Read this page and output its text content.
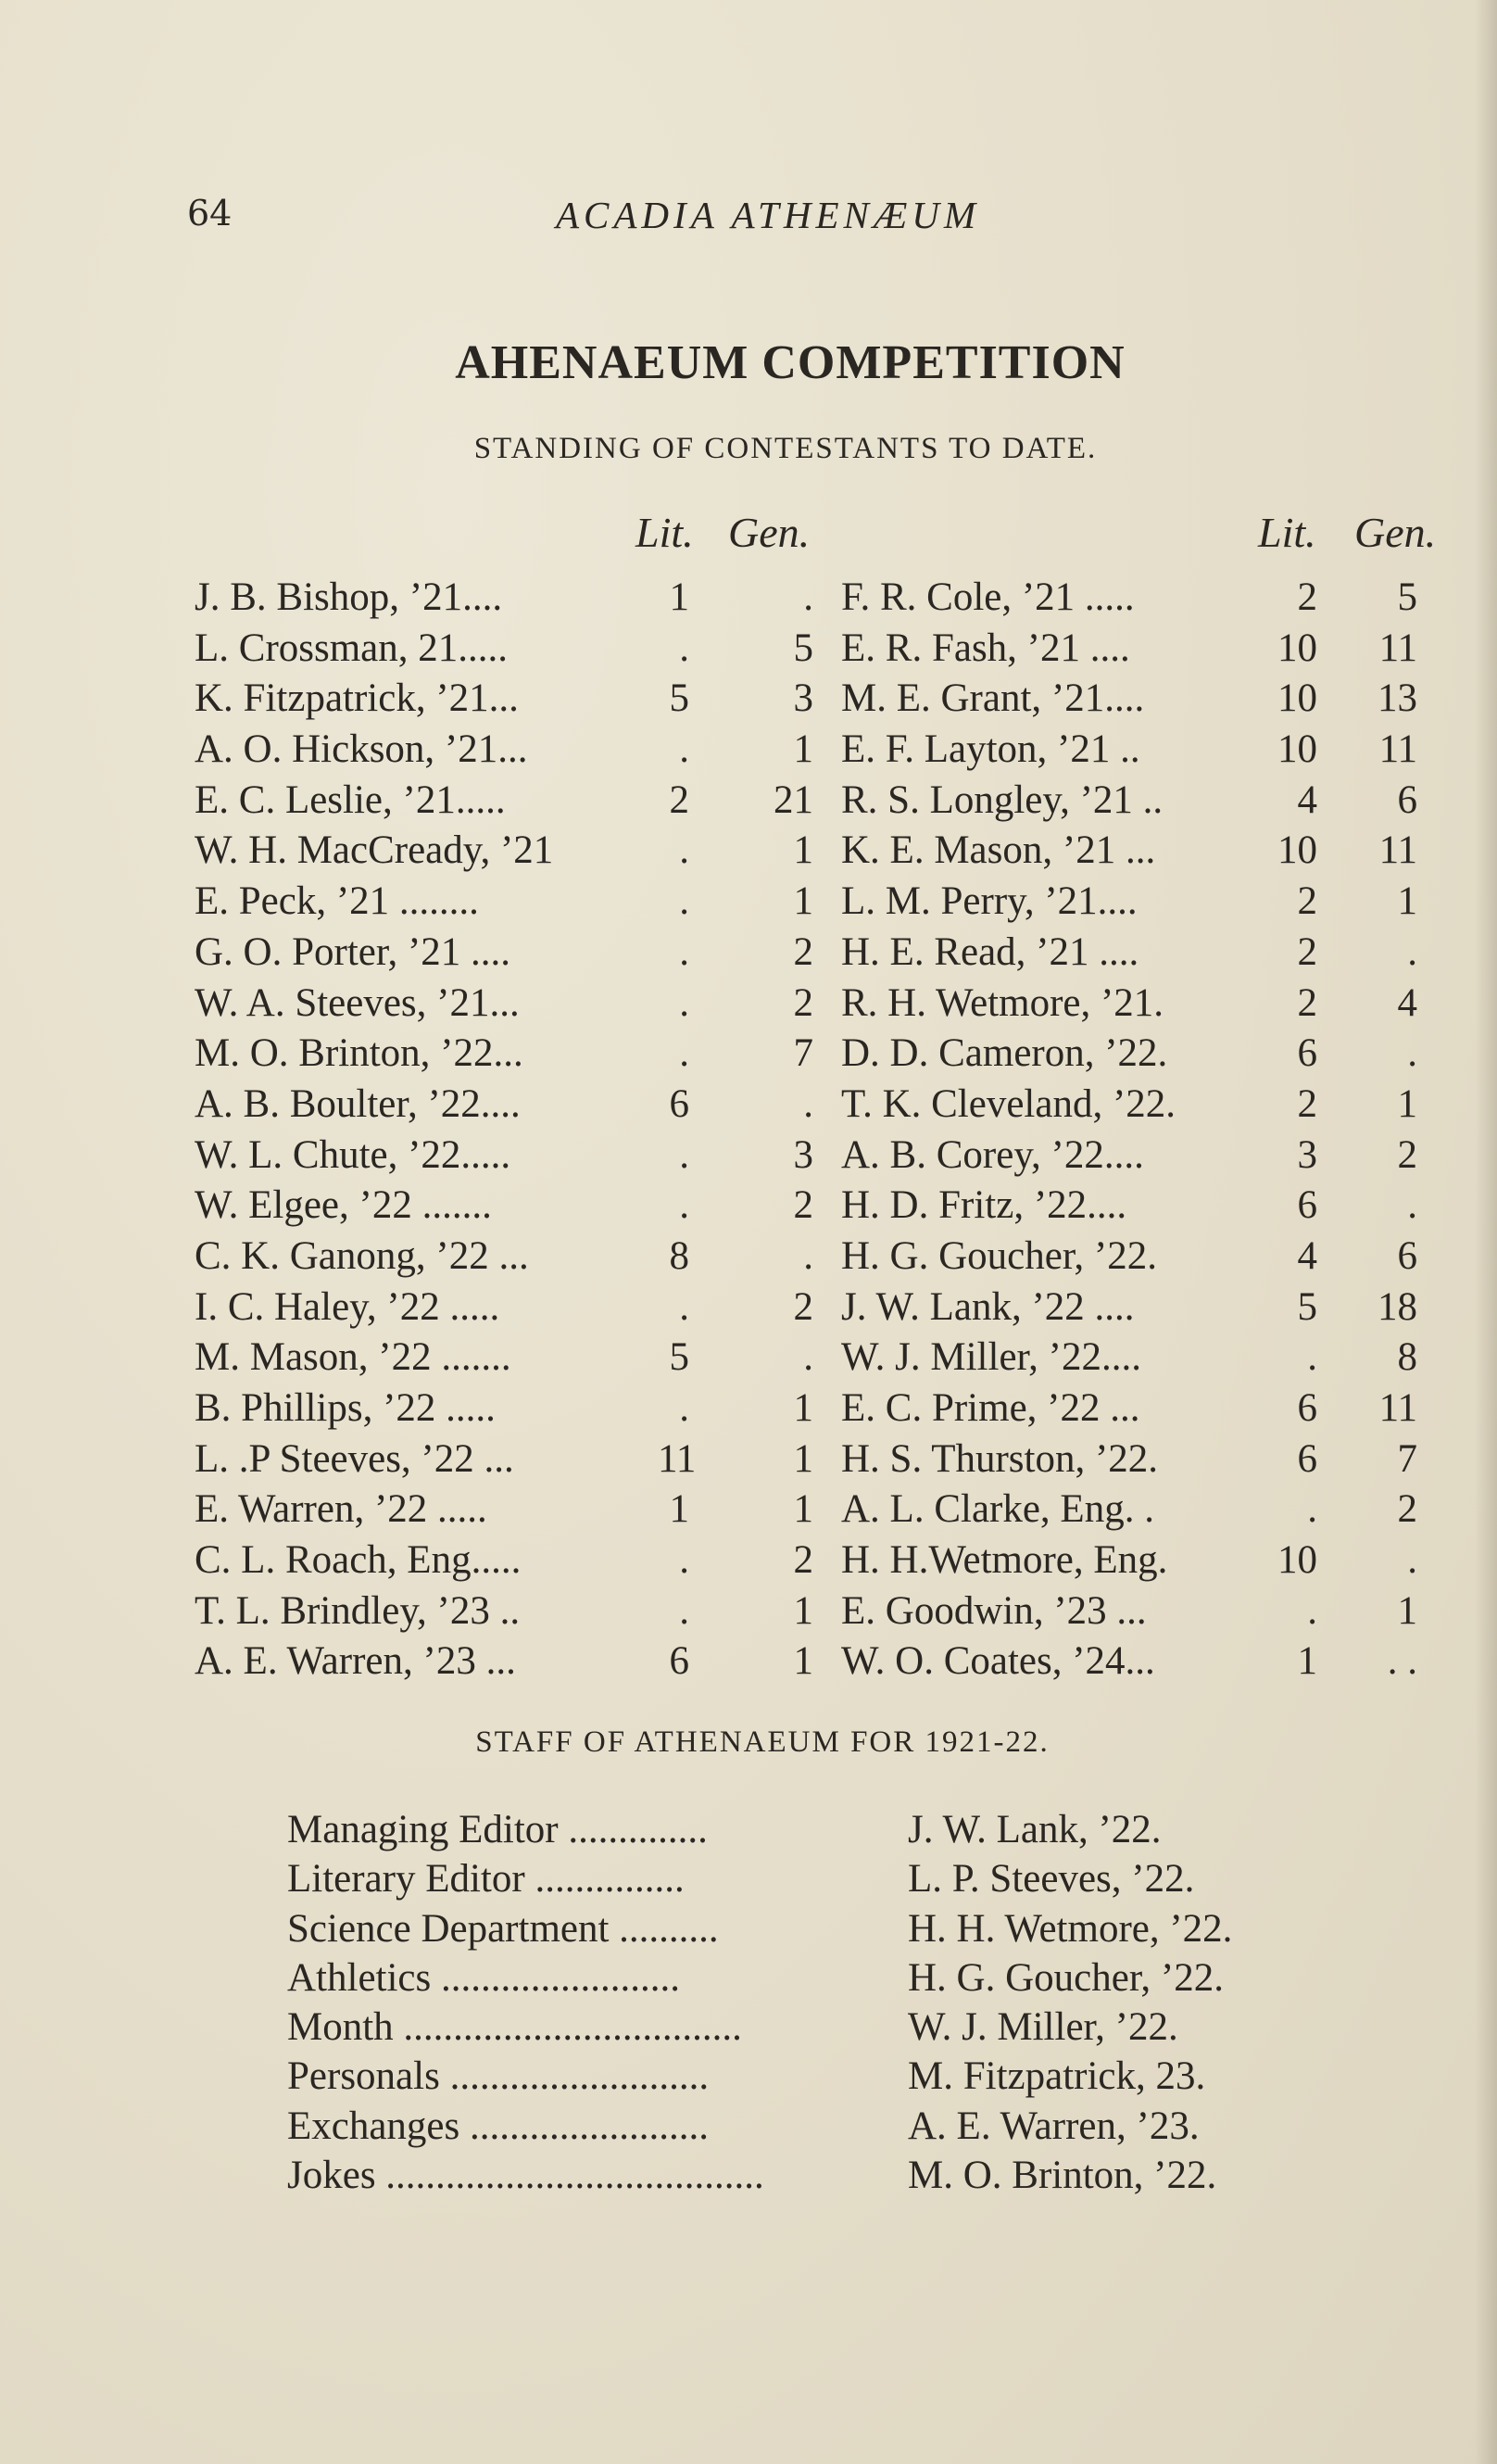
64	ACADIA ATHENÆUM
AHENAEUM COMPETITION
STANDING OF CONTESTANTS TO DATE.
Lit. Gen.	Lit. Gen.
J. B. Bishop, ’21....	1	. F. R. Cole, ’21 .....	2	5
L. Crossman, 21.....	.	5 E. R. Fash, ’21 ....	10	11
K. Fitzpatrick, ’21...	5	3 M. E. Grant, ’21....	10	13
A. O. Hickson, ’21...	.	1 E. F. Layton, ’21 ..	10	11
E. C. Leslie, ’21.....	2	21 R. S. Longley, ’21 ..	4	6
W. H. MacCready, ’21	.	1 K. E. Mason, ’21 ...	10	11
E. Peck, ’21 ........	.	1 L. M. Perry, ’21....	2	1
G. O. Porter, ’21 ....	.	2 H. E. Read, ’21 ....	2	.
W. A. Steeves, ’21...	.	2 R. H. Wetmore, ’21.	2	4
M. O. Brinton, ’22...	.	7 D. D. Cameron, ’22.	6	.
A. B. Boulter, ’22....	6	. T. K. Cleveland, ’22.	2	1
W. L. Chute, ’22.....	.	3 A. B. Corey, ’22....	3	2
W. Elgee, ’22 .......	.	2 H. D. Fritz, ’22....	6	.
C. K. Ganong, ’22 ...	8	. H. G. Goucher, ’22.	4	6
I. C. Haley, ’22 .....	.	2 J. W. Lank, ’22 ....	5	18
M. Mason, ’22 .......	5	. W. J. Miller, ’22....	.	8
B. Phillips, ’22 .....	.	1 E. C. Prime, ’22 ...	6	11
L. .P Steeves, ’22 ...	11	1 H. S. Thurston, ’22.	6	7
E. Warren, ’22 .....	1	1 A. L. Clarke, Eng. .	.	2
C. L. Roach, Eng.....	.	2 H. H.Wetmore, Eng.	10	.
T. L. Brindley, ’23 ..	.	1 E. Goodwin, ’23 ...	.	1
A. E. Warren, ’23 ...	6	1 W. O. Coates, ’24...	1	. .
STAFF OF ATHENAEUM FOR 1921-22.
Managing Editor ..............	J. W. Lank, ’22.
Literary Editor ...............	L. P. Steeves, ’22.
Science Department ..........	H. H. Wetmore, ’22.
Athletics ........................	H. G. Goucher, ’22.
Month ..................................	W. J. Miller, ’22.
Personals ..........................	M. Fitzpatrick, 23.
Exchanges ........................	A. E. Warren, ’23.
Jokes ......................................	M. O. Brinton, ’22.
